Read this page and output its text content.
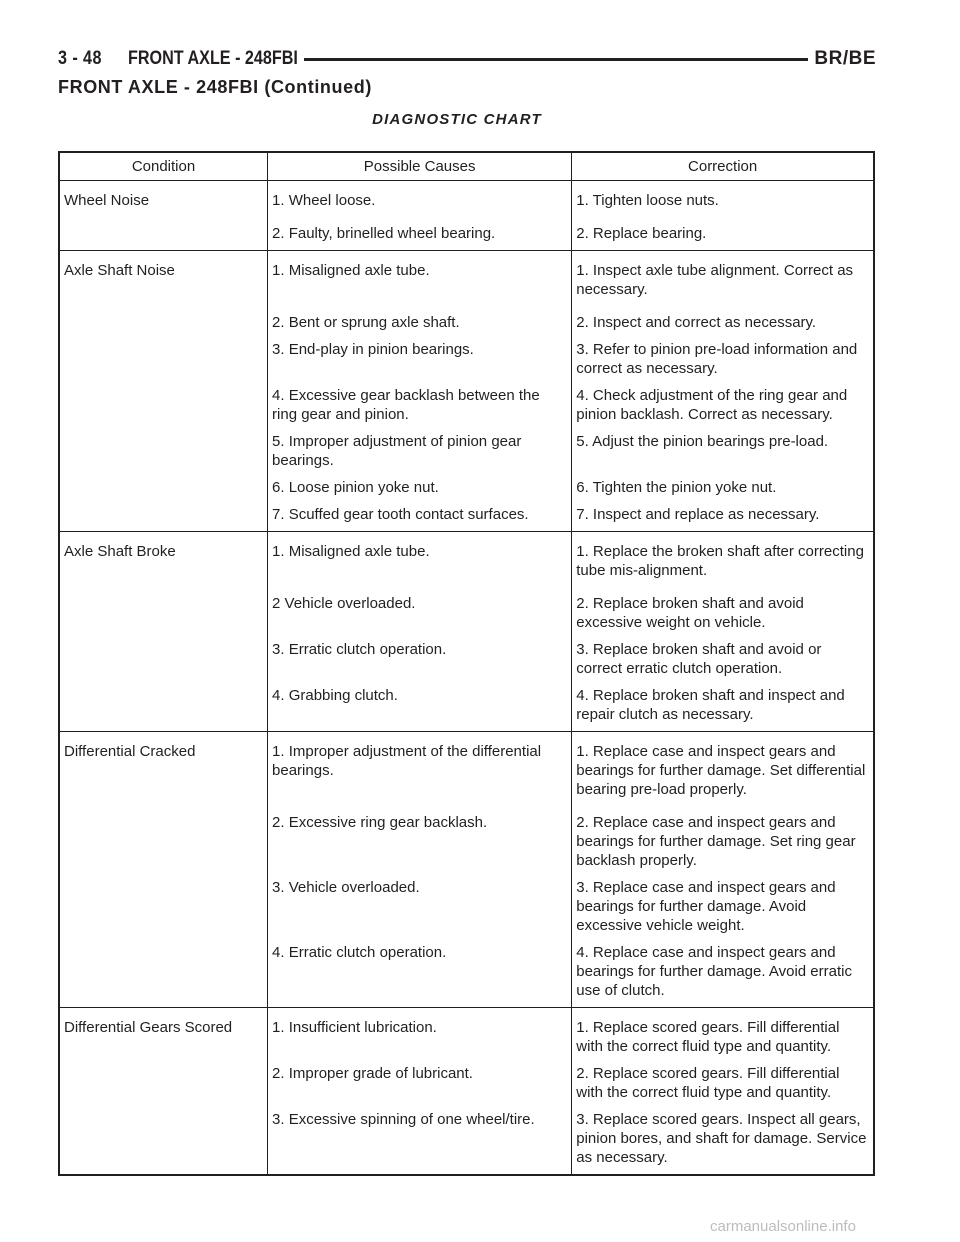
3 - 48	FRONT AXLE - 248FBI	BR/BE
FRONT AXLE - 248FBI (Continued)
DIAGNOSTIC CHART
Condition	Possible Causes	Correction
Wheel Noise	1. Wheel loose.	1. Tighten loose nuts.
	2. Faulty, brinelled wheel bearing.	2. Replace bearing.
Axle Shaft Noise	1. Misaligned axle tube.	1. Inspect axle tube alignment. Correct as necessary.
	2. Bent or sprung axle shaft.	2. Inspect and correct as necessary.
	3. End-play in pinion bearings.	3. Refer to pinion pre-load information and correct as necessary.
	4. Excessive gear backlash between the ring gear and pinion.	4. Check adjustment of the ring gear and pinion backlash. Correct as necessary.
	5. Improper adjustment of pinion gear bearings.	5. Adjust the pinion bearings pre-load.
	6. Loose pinion yoke nut.	6. Tighten the pinion yoke nut.
	7. Scuffed gear tooth contact surfaces.	7. Inspect and replace as necessary.
Axle Shaft Broke	1. Misaligned axle tube.	1. Replace the broken shaft after correcting tube mis-alignment.
	2 Vehicle overloaded.	2. Replace broken shaft and avoid excessive weight on vehicle.
	3. Erratic clutch operation.	3. Replace broken shaft and avoid or correct erratic clutch operation.
	4. Grabbing clutch.	4. Replace broken shaft and inspect and repair clutch as necessary.
Differential Cracked	1. Improper adjustment of the differential bearings.	1. Replace case and inspect gears and bearings for further damage. Set differential bearing pre-load properly.
	2. Excessive ring gear backlash.	2. Replace case and inspect gears and bearings for further damage. Set ring gear backlash properly.
	3. Vehicle overloaded.	3. Replace case and inspect gears and bearings for further damage. Avoid excessive vehicle weight.
	4. Erratic clutch operation.	4. Replace case and inspect gears and bearings for further damage. Avoid erratic use of clutch.
Differential Gears Scored	1. Insufficient lubrication.	1. Replace scored gears. Fill differential with the correct fluid type and quantity.
	2. Improper grade of lubricant.	2. Replace scored gears. Fill differential with the correct fluid type and quantity.
	3. Excessive spinning of one wheel/tire.	3. Replace scored gears. Inspect all gears, pinion bores, and shaft for damage. Service as necessary.
carmanualsonline.info
